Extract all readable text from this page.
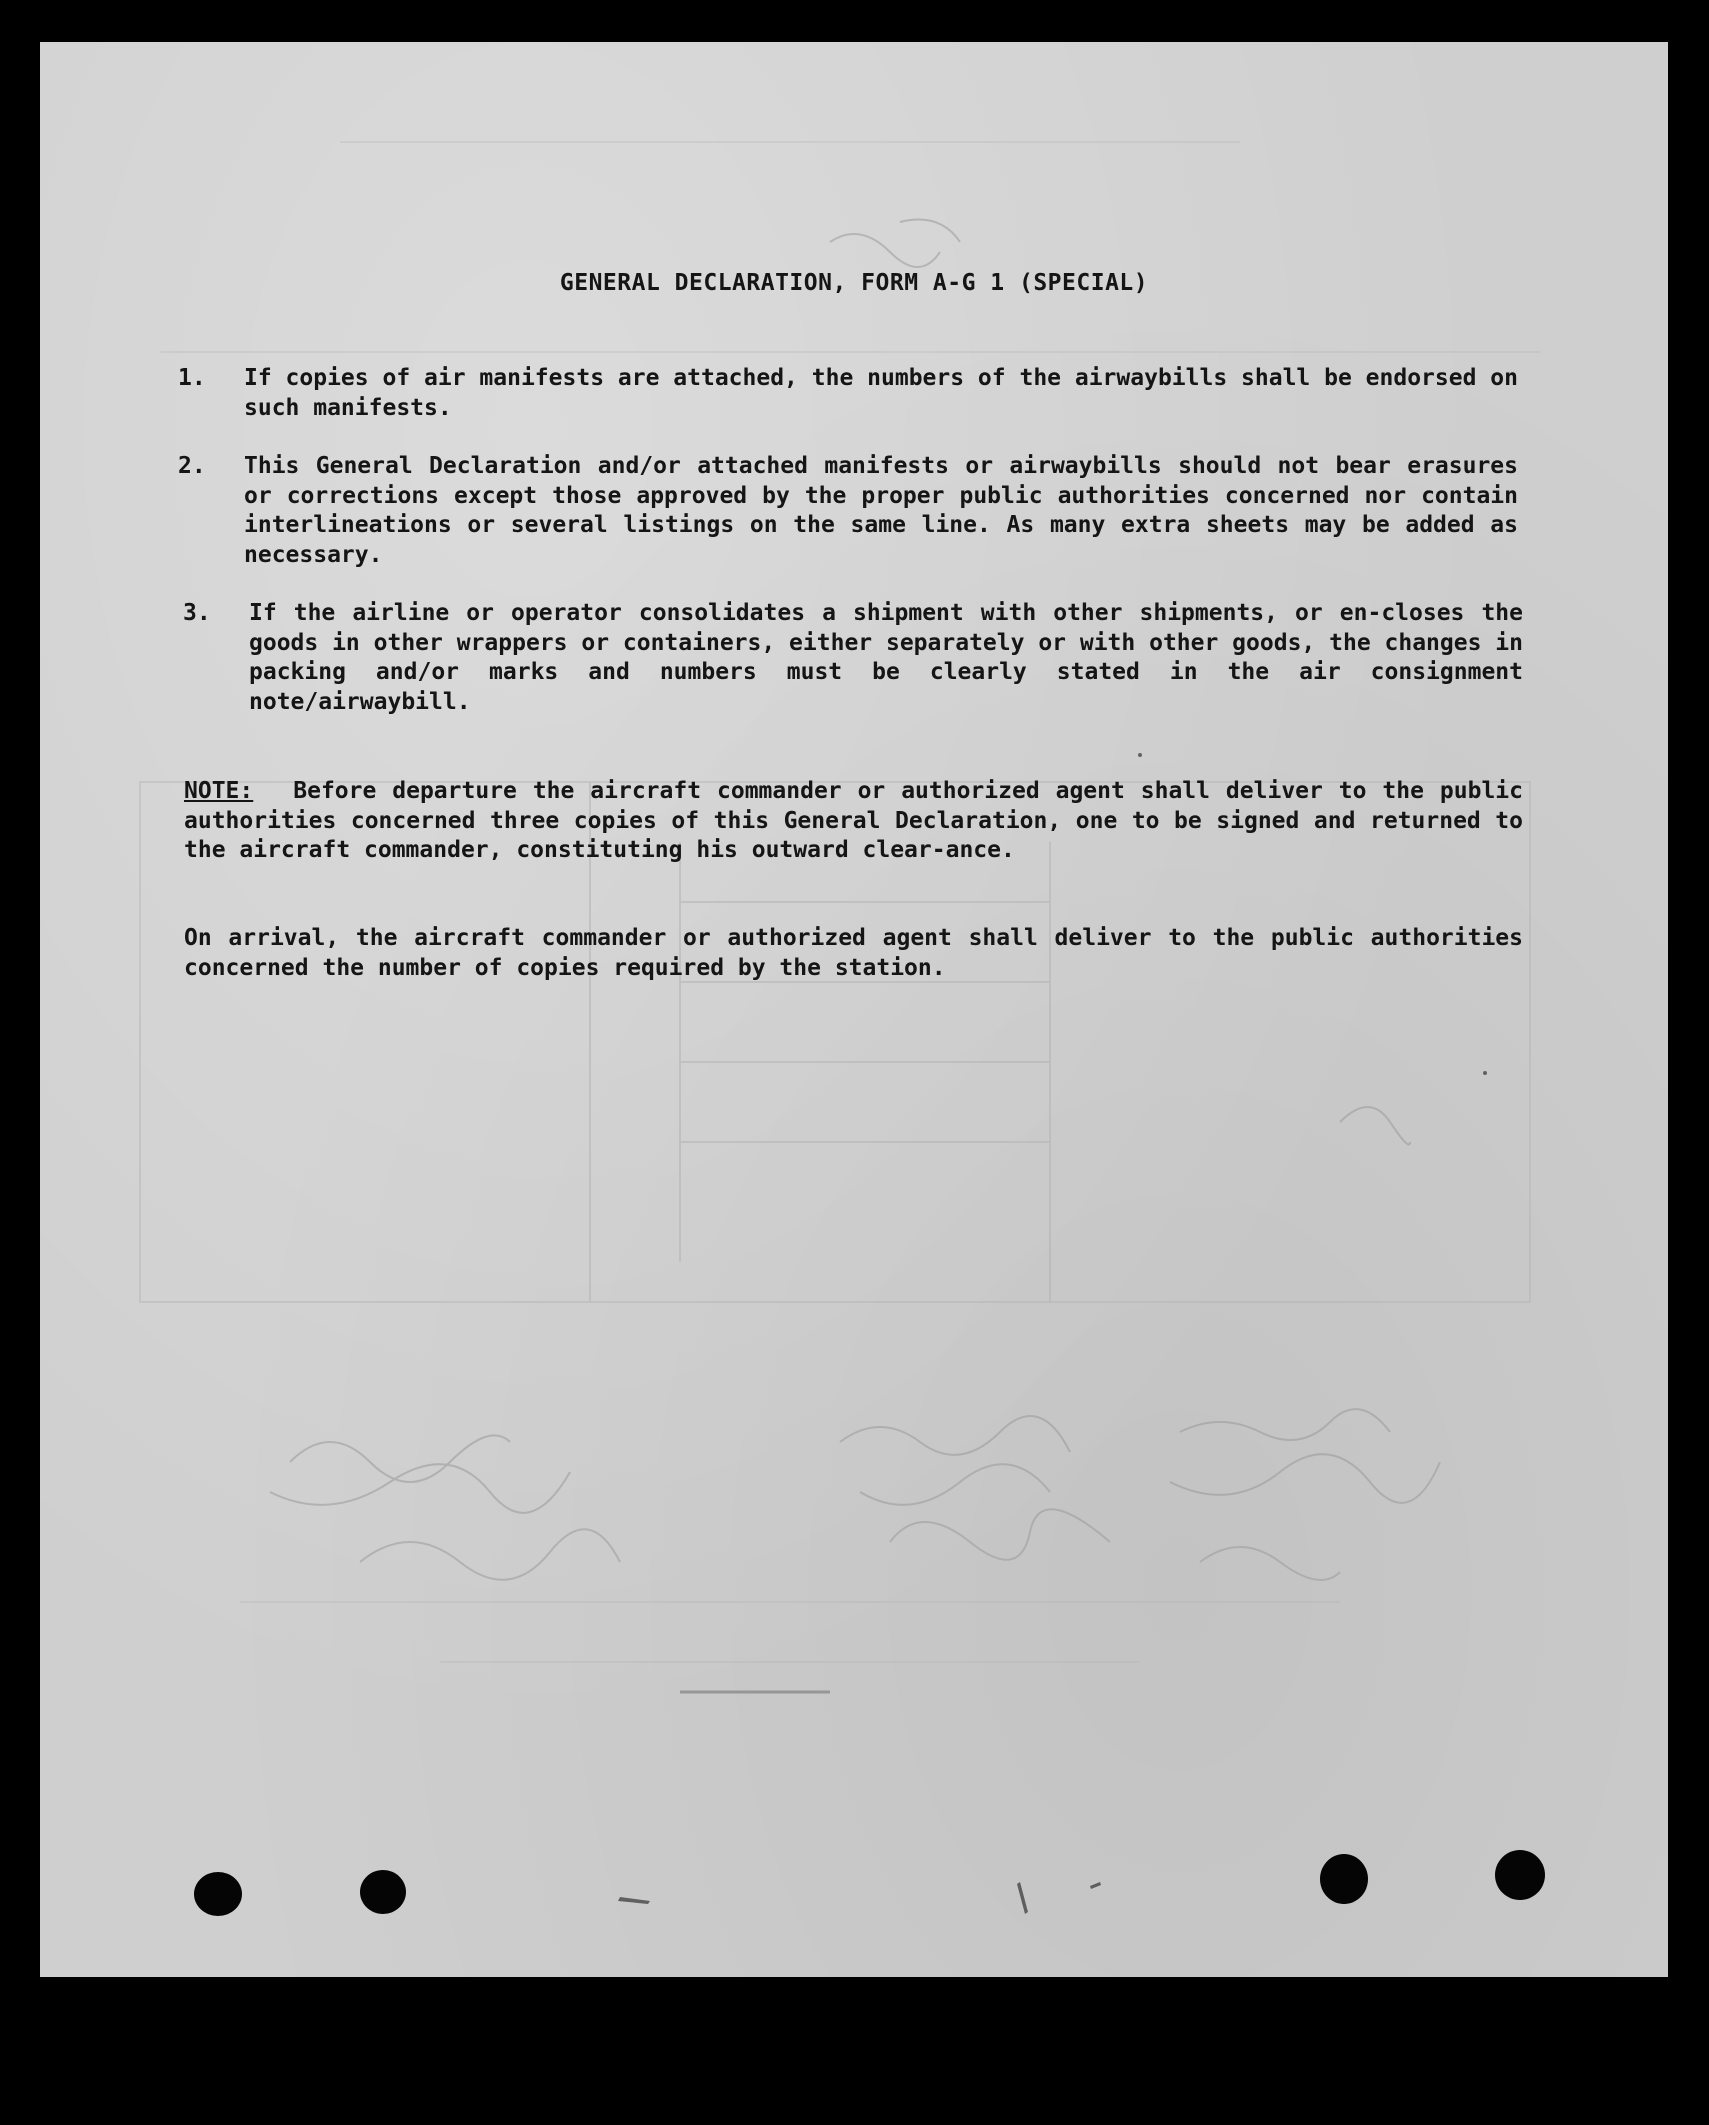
GENERAL DECLARATION, FORM A-G 1 (SPECIAL)
1.	If copies of air manifests are attached, the numbers of the airwaybills shall be endorsed on such manifests.
2.	This General Declaration and/or attached manifests or airwaybills should not bear erasures or corrections except those approved by the proper public authorities concerned nor contain interlineations or several listings on the same line. As many extra sheets may be added as necessary.
3.	If the airline or operator consolidates a shipment with other shipments, or en-closes the goods in other wrappers or containers, either separately or with other goods, the changes in packing and/or marks and numbers must be clearly stated in the air consignment note/airwaybill.

NOTE: Before departure the aircraft commander or authorized agent shall deliver to the public authorities concerned three copies of this General Declaration, one to be signed and returned to the aircraft commander, constituting his outward clear-ance.

On arrival, the aircraft commander or authorized agent shall deliver to the public authorities concerned the number of copies required by the station.
